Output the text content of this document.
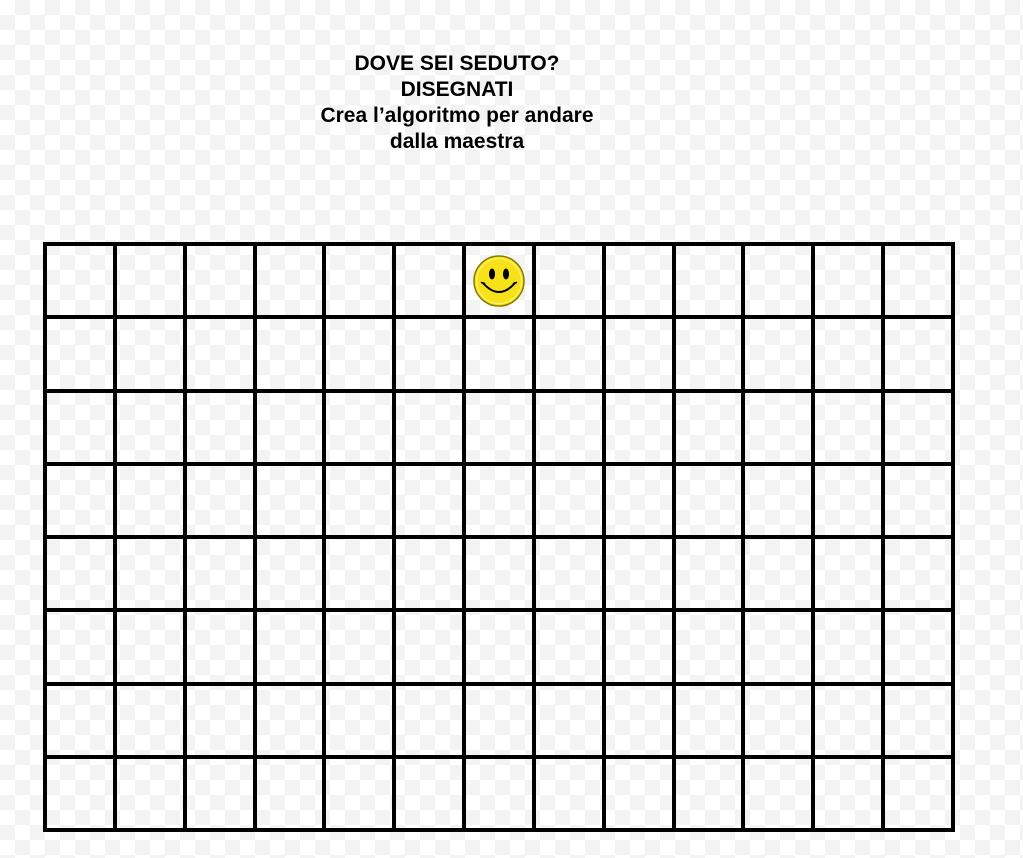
DOVE SEI SEDUTO?
DISEGNATI
Crea l’algoritmo per andare
dalla maestra
